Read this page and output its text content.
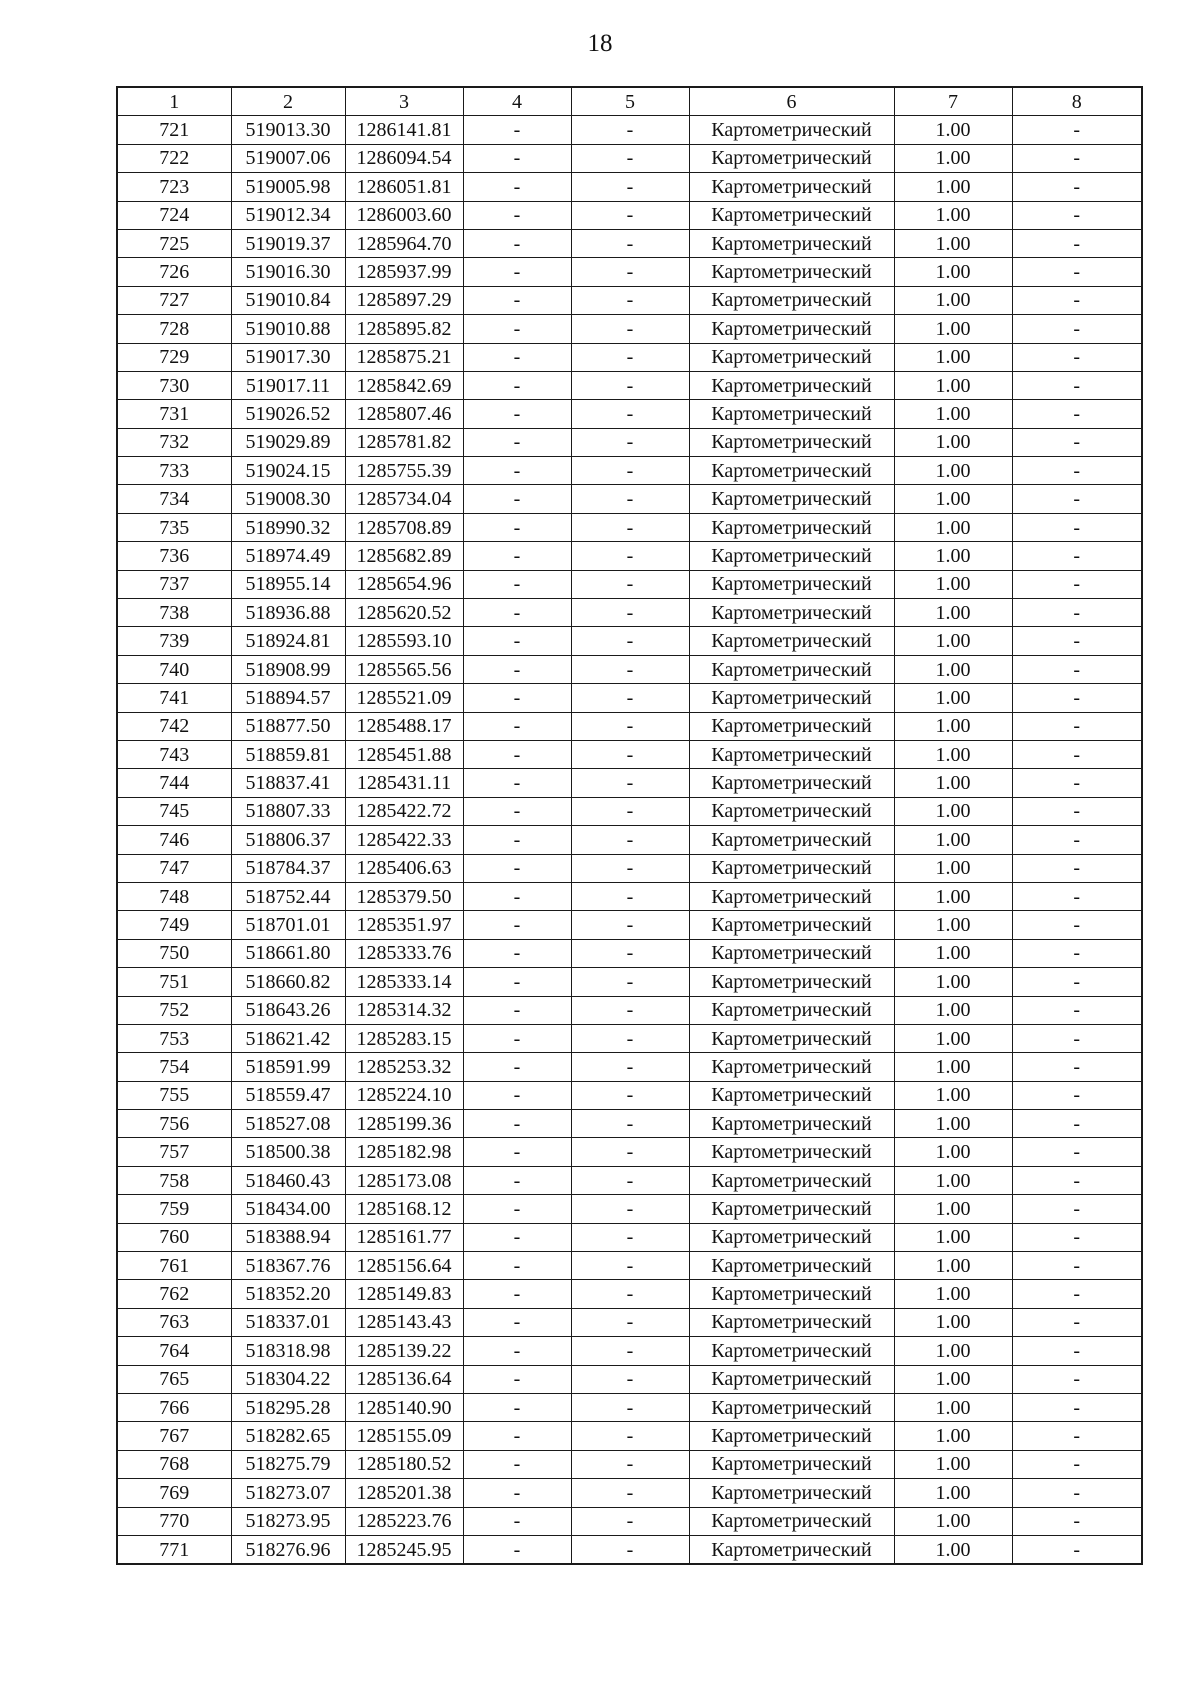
18
1	2	3	4	5	6	7	8
721	519013.30	1286141.81	-	-	Картометрический	1.00	-
722	519007.06	1286094.54	-	-	Картометрический	1.00	-
723	519005.98	1286051.81	-	-	Картометрический	1.00	-
724	519012.34	1286003.60	-	-	Картометрический	1.00	-
725	519019.37	1285964.70	-	-	Картометрический	1.00	-
726	519016.30	1285937.99	-	-	Картометрический	1.00	-
727	519010.84	1285897.29	-	-	Картометрический	1.00	-
728	519010.88	1285895.82	-	-	Картометрический	1.00	-
729	519017.30	1285875.21	-	-	Картометрический	1.00	-
730	519017.11	1285842.69	-	-	Картометрический	1.00	-
731	519026.52	1285807.46	-	-	Картометрический	1.00	-
732	519029.89	1285781.82	-	-	Картометрический	1.00	-
733	519024.15	1285755.39	-	-	Картометрический	1.00	-
734	519008.30	1285734.04	-	-	Картометрический	1.00	-
735	518990.32	1285708.89	-	-	Картометрический	1.00	-
736	518974.49	1285682.89	-	-	Картометрический	1.00	-
737	518955.14	1285654.96	-	-	Картометрический	1.00	-
738	518936.88	1285620.52	-	-	Картометрический	1.00	-
739	518924.81	1285593.10	-	-	Картометрический	1.00	-
740	518908.99	1285565.56	-	-	Картометрический	1.00	-
741	518894.57	1285521.09	-	-	Картометрический	1.00	-
742	518877.50	1285488.17	-	-	Картометрический	1.00	-
743	518859.81	1285451.88	-	-	Картометрический	1.00	-
744	518837.41	1285431.11	-	-	Картометрический	1.00	-
745	518807.33	1285422.72	-	-	Картометрический	1.00	-
746	518806.37	1285422.33	-	-	Картометрический	1.00	-
747	518784.37	1285406.63	-	-	Картометрический	1.00	-
748	518752.44	1285379.50	-	-	Картометрический	1.00	-
749	518701.01	1285351.97	-	-	Картометрический	1.00	-
750	518661.80	1285333.76	-	-	Картометрический	1.00	-
751	518660.82	1285333.14	-	-	Картометрический	1.00	-
752	518643.26	1285314.32	-	-	Картометрический	1.00	-
753	518621.42	1285283.15	-	-	Картометрический	1.00	-
754	518591.99	1285253.32	-	-	Картометрический	1.00	-
755	518559.47	1285224.10	-	-	Картометрический	1.00	-
756	518527.08	1285199.36	-	-	Картометрический	1.00	-
757	518500.38	1285182.98	-	-	Картометрический	1.00	-
758	518460.43	1285173.08	-	-	Картометрический	1.00	-
759	518434.00	1285168.12	-	-	Картометрический	1.00	-
760	518388.94	1285161.77	-	-	Картометрический	1.00	-
761	518367.76	1285156.64	-	-	Картометрический	1.00	-
762	518352.20	1285149.83	-	-	Картометрический	1.00	-
763	518337.01	1285143.43	-	-	Картометрический	1.00	-
764	518318.98	1285139.22	-	-	Картометрический	1.00	-
765	518304.22	1285136.64	-	-	Картометрический	1.00	-
766	518295.28	1285140.90	-	-	Картометрический	1.00	-
767	518282.65	1285155.09	-	-	Картометрический	1.00	-
768	518275.79	1285180.52	-	-	Картометрический	1.00	-
769	518273.07	1285201.38	-	-	Картометрический	1.00	-
770	518273.95	1285223.76	-	-	Картометрический	1.00	-
771	518276.96	1285245.95	-	-	Картометрический	1.00	-
